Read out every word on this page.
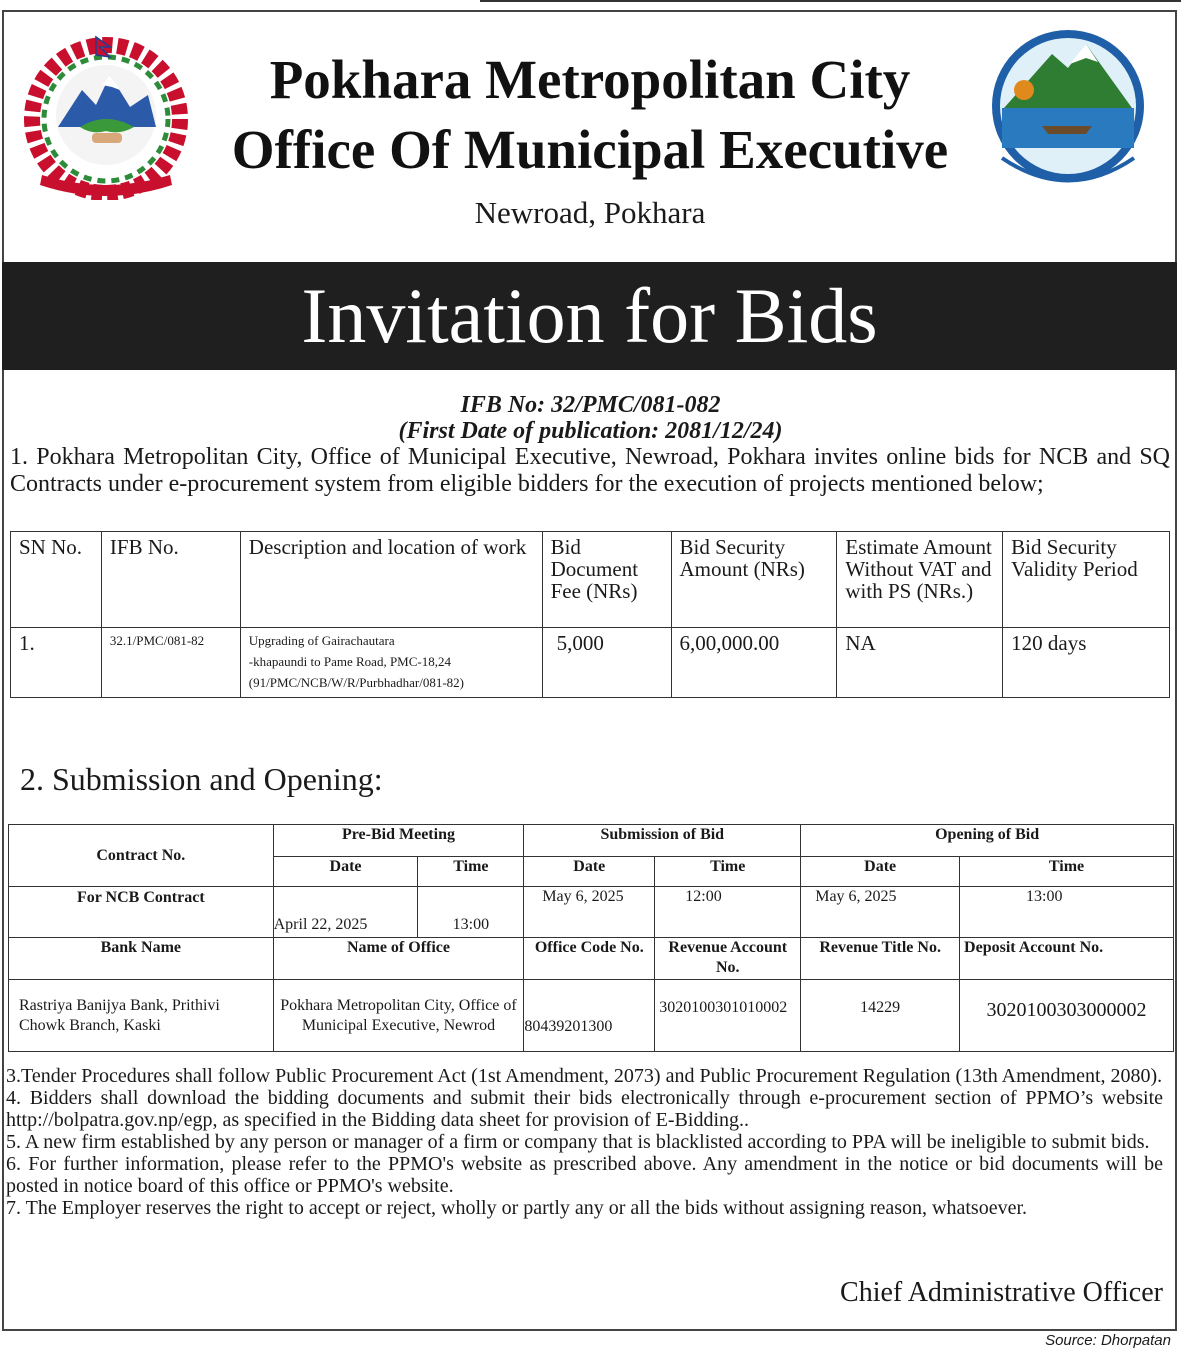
Pokhara Metropolitan City
Office Of Municipal Executive
Newroad, Pokhara
Invitation for Bids
IFB No: 32/PMC/081-082
(First Date of publication: 2081/12/24)
1. Pokhara Metropolitan City, Office of Municipal Executive, Newroad, Pokhara invites online bids for NCB and SQ Contracts under e-procurement system from eligible bidders for the execution of projects mentioned below;
SN No.	IFB No.	Description and location of work	Bid Document Fee (NRs)	Bid Security Amount (NRs)	Estimate Amount Without VAT and with PS (NRs.)	Bid Security Validity Period
1.	32.1/PMC/081-82	Upgrading of Gairachautara
-khapaundi to Pame Road, PMC-18,24
(91/PMC/NCB/W/R/Purbhadhar/081-82)	5,000	6,00,000.00	NA	120 days
2. Submission and Opening:
Contract No.	Pre-Bid Meeting		Submission of Bid		Opening of Bid	
	Date	Time	Date	Time	Date	Time
For NCB Contract	April 22, 2025	13:00	May 6, 2025	12:00	May 6, 2025	13:00
Bank Name	Name of Office		Office Code No.	Revenue Account No.	Revenue Title No.	Deposit Account No.
Rastriya Banijya Bank, Prithivi Chowk Branch, Kaski	Pokhara Metropolitan City, Office of Municipal Executive, Newrod		80439201300	3020100301010002	14229	3020100303000002

3.Tender Procedures shall follow Public Procurement Act (1st Amendment, 2073) and Public Procurement Regulation (13th Amendment, 2080).

4. Bidders shall download the bidding documents and submit their bids electronically through e-procurement section of PPMO’s website http://bolpatra.gov.np/egp, as specified in the Bidding data sheet for provision of E-Bidding..

5. A new firm established by any person or manager of a firm or company that is blacklisted according to PPA will be ineligible to submit bids.

6. For further information, please refer to the PPMO's website as prescribed above. Any amendment in the notice or bid documents will be posted in notice board of this office or PPMO's website.

7. The Employer reserves the right to accept or reject, wholly or partly any or all the bids without assigning reason, whatsoever.

Chief Administrative Officer
Source: Dhorpatan
